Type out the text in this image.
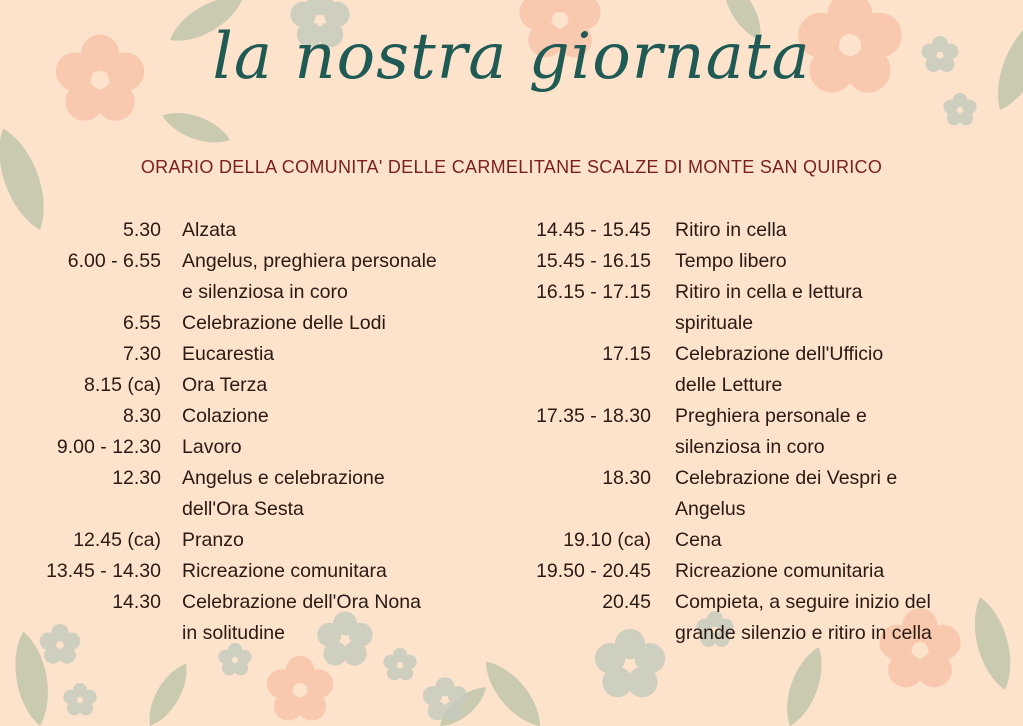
la nostra giornata
ORARIO DELLA COMUNITA' DELLE CARMELITANE SCALZE DI MONTE SAN QUIRICO
5.30	Alzata
6.00 - 6.55	Angelus, preghiera personale
e silenziosa in coro
6.55	Celebrazione delle Lodi
7.30	Eucarestia
8.15 (ca)	Ora Terza
8.30	Colazione
9.00 - 12.30	Lavoro
12.30	Angelus e celebrazione
dell'Ora Sesta
12.45 (ca)	Pranzo
13.45 - 14.30	Ricreazione comunitara
14.30	Celebrazione dell'Ora Nona
in solitudine
14.45 - 15.45	Ritiro in cella
15.45 - 16.15	Tempo libero
16.15 - 17.15	Ritiro in cella e lettura
spirituale
17.15	Celebrazione dell'Ufficio
delle Letture
17.35 - 18.30	Preghiera personale e
silenziosa in coro
18.30	Celebrazione dei Vespri e
Angelus
19.10 (ca)	Cena
19.50 - 20.45	Ricreazione comunitaria
20.45	Compieta, a seguire inizio del
grande silenzio e ritiro in cella
